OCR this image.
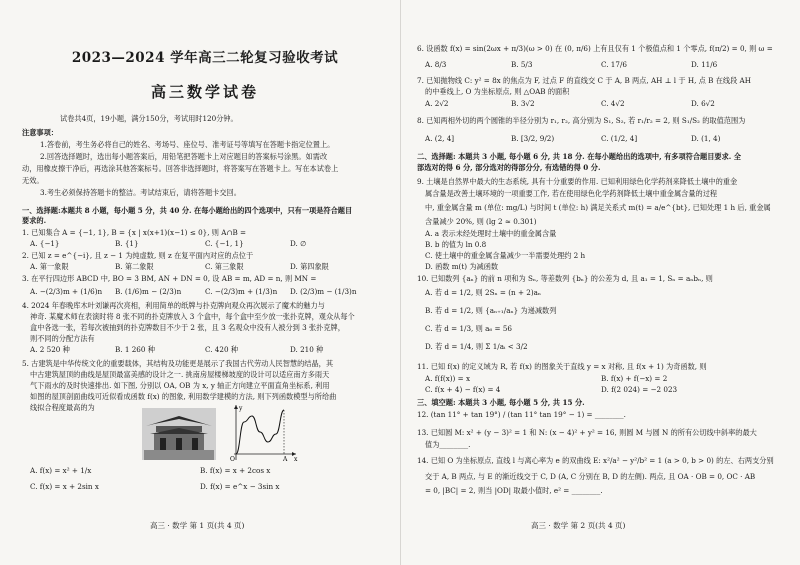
2023—2024 学年高三二轮复习验收考试
高三数学试卷
试卷共4页，19小题，满分150分，考试用时120分钟。
注意事项：
1.答卷前，考生务必将自己的姓名、考场号、座位号、准考证号等填写在答题卡指定位置上。
2.回答选择题时，选出每小题答案后，用铅笔把答题卡上对应题目的答案标号涂黑。如需改
动，用橡皮擦干净后，再选涂其他答案标号。回答非选择题时，将答案写在答题卡上。写在本试卷上
无效。
3.考生必须保持答题卡的整洁。考试结束后，请将答题卡交回。
一、选择题:本题共 8 小题，每小题 5 分，共 40 分. 在每小题给出的四个选项中，只有一项是符合题目
要求的.
1. 已知集合 A = {−1, 1}, B = {x | x(x+1)(x−1) ≤ 0}, 则 A∩B =
A. {−1}	B. {1}	C. {−1, 1}	D. ∅
2. 已知 z = e^{−i}, 且 z − 1 为纯虚数, 则 z 在复平面内对应的点位于
A. 第一象限	B. 第二象限	C. 第三象限	D. 第四象限
3. 在平行四边形 ABCD 中, BO = 3 BM, AN + DN = 0, 设 AB = m, AD = n, 则 MN =
A. −(2/3)m + (1/6)n B. (1/6)m − (2/3)n	C. −(2/3)m + (1/3)n D. (2/3)m − (1/3)n
4. 2024 年春晚库木叶刘谦再次亮相，利用简单的纸牌与扑克牌向观众再次展示了魔术的魅力与
神奇. 某魔术师在表演时将 8 张不同的扑克牌放入 3 个盒中，每个盒中至少放一张扑克牌，观众从每个
盒中各选一张，若每次被抽到的扑克牌数目不少于 2 张，且 3 名观众中没有人被分到 3 张扑克牌，
则不同的分配方法有
A. 2 520 种	B. 1 260 种	C. 420 种	D. 210 种
5. 古建筑是中华传统文化的重要载体，其结构及功能更是展示了我国古代劳动人民智慧的结晶，其
中古建筑屋顶的曲线是屋顶最富美感的设计之一. 挑南房屋楼梯坡度的设计可以适应南方多雨天
气下雨水的及时快速排出. 如下图, 分别以 OA, OB 为 x, y 轴正方向建立平面直角坐标系, 利用
如图的屋顶剖面曲线可近似看成函数 f(x) 的图象, 利用数学建模的方法, 则下列函数模型与所给曲
线拟合程度最高的为	y
x
O	A
A. f(x) = x² + 1/x	B. f(x) = x + 2cos x
C. f(x) = x + 2sin x	D. f(x) = e^x − 3sin x
高三 · 数学 第 1 页(共 4 页)
6. 设函数 f(x) = sin(2ωx + π/3)(ω > 0) 在 (0, π/6) 上有且仅有 1 个极值点和 1 个零点, f(π/2) = 0, 则 ω =
A. 8/3	B. 5/3	C. 17/6	D. 11/6
7. 已知抛物线 C: y² = 8x 的焦点为 F, 过点 F 的直线交 C 于 A, B 两点, AH ⊥ l 于 H, 点 B 在线段 AH
的中垂线上, O 为坐标原点, 则 △OAB 的面积
A. 2√2	B. 3√2	C. 4√2	D. 6√2
8. 已知两相外切的两个圆锥的半径分别为 r₁, r₂, 高分别为 S₁, S₂, 若 r₁/r₂ = 2, 则 S₁/S₂ 的取值范围为
A. (2, 4]	B. [3/2, 9/2)	C. (1/2, 4]	D. (1, 4)
二、选择题: 本题共 3 小题, 每小题 6 分, 共 18 分. 在每小题给出的选项中, 有多项符合题目要求. 全
部选对的得 6 分, 部分选对的得部分分, 有选错的得 0 分.
9. 土壤是自然界中最大的生态系统, 具有十分重要的作用. 已知利用绿色化学药剂来降低土壤中的重金
属含量是改善土壤环境的一项重要工作, 若在使用绿色化学药剂降低土壤中重金属含量的过程
中, 重金属含量 m (单位: mg/L) 与时间 t (单位: h) 满足关系式 m(t) = a/e^{bt}, 已知处理 1 h 后, 重金属
含量减少 20%, 则 (lg 2 ≈ 0.301)
A. a 表示未经处理时土壤中的重金属含量
B. b 的值为 ln 0.8
C. 使土壤中的重金属含量减少一半需要处理约 2 h
D. 函数 m(t) 为减函数
10. 已知数列 {aₙ} 的前 n 项和为 Sₙ, 等差数列 {bₙ} 的公差为 d, 且 a₁ = 1, Sₙ = aₙbₙ, 则
A. 若 d = 1/2, 则 2Sₙ = (n + 2)aₙ
B. 若 d = 1/2, 则 {aₙ₊₁/aₙ} 为递减数列
C. 若 d = 1/3, 则 a₆ = 56
D. 若 d = 1/4, 则 Σ 1/aᵢ < 3/2
11. 已知 f(x) 的定义域为 R, 若 f(x) 的图象关于直线 y = x 对称, 且 f(x + 1) 为奇函数, 则
A. f(f(x)) = x	B. f(x) + f(−x) = 2
C. f(x + 4) − f(x) = 4	D. f(2 024) = −2 023
三、填空题: 本题共 3 小题, 每小题 5 分, 共 15 分.
12. (tan 11° + tan 19°) / (tan 11° tan 19° − 1) = ________.
13. 已知圆 M: x² + (y − 3)² = 1 和 N: (x − 4)² + y² = 16, 则圆 M 与圆 N 的所有公切线中斜率的最大
值为________.
14. 已知 O 为坐标原点, 直线 l 与离心率为 e 的双曲线 E: x²/a² − y²/b² = 1 (a > 0, b > 0) 的左、右两支分别
交于 A, B 两点, 与 E 的渐近线交于 C, D (A, C 分别在 B, D 的左侧). 两点, 且 OA · OB = 0, OC · AB
= 0, |BC| = 2, 则当 |OD| 取最小值时, e² = ________.
高三 · 数学 第 2 页(共 4 页)
